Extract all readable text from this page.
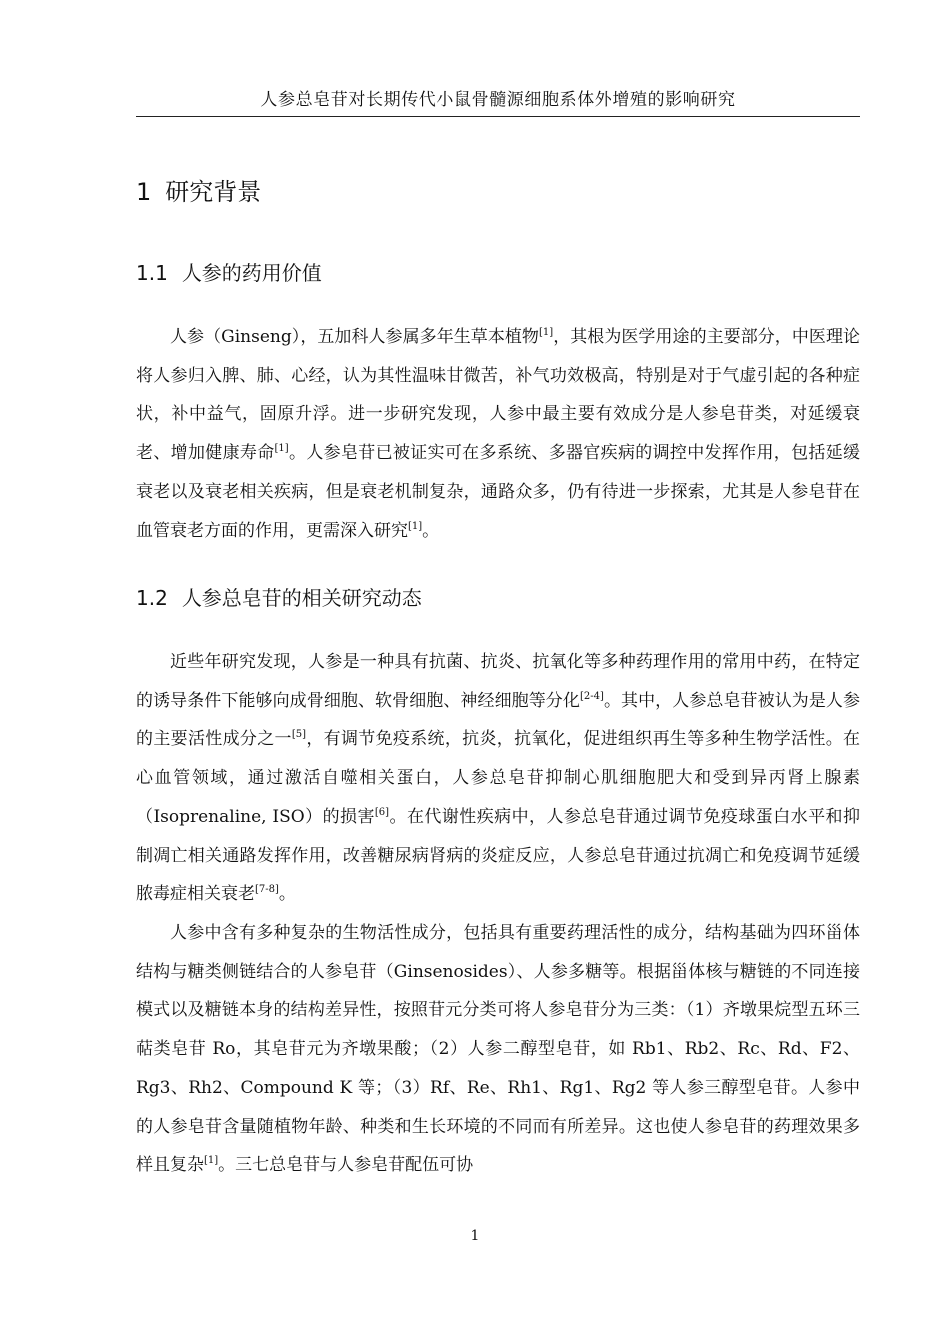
人参总皂苷对长期传代小鼠骨髓源细胞系体外增殖的影响研究
1 研究背景
1.1 人参的药用价值
人参（Ginseng），五加科人参属多年生草本植物[1]，其根为医学用途的主要部分，中医理论将人参归入脾、肺、心经，认为其性温味甘微苦，补气功效极高，特别是对于气虚引起的各种症状，补中益气，固原升浮。进一步研究发现，人参中最主要有效成分是人参皂苷类，对延缓衰老、增加健康寿命[1]。人参皂苷已被证实可在多系统、多器官疾病的调控中发挥作用，包括延缓衰老以及衰老相关疾病，但是衰老机制复杂，通路众多，仍有待进一步探索，尤其是人参皂苷在血管衰老方面的作用，更需深入研究[1]。
1.2 人参总皂苷的相关研究动态
近些年研究发现，人参是一种具有抗菌、抗炎、抗氧化等多种药理作用的常用中药，在特定的诱导条件下能够向成骨细胞、软骨细胞、神经细胞等分化[2-4]。其中，人参总皂苷被认为是人参的主要活性成分之一[5]，有调节免疫系统，抗炎，抗氧化，促进组织再生等多种生物学活性。在心血管领域，通过激活自噬相关蛋白，人参总皂苷抑制心肌细胞肥大和受到异丙肾上腺素（Isoprenaline, ISO）的损害[6]。在代谢性疾病中，人参总皂苷通过调节免疫球蛋白水平和抑制凋亡相关通路发挥作用，改善糖尿病肾病的炎症反应，人参总皂苷通过抗凋亡和免疫调节延缓脓毒症相关衰老[7-8]。
人参中含有多种复杂的生物活性成分，包括具有重要药理活性的成分，结构基础为四环甾体结构与糖类侧链结合的人参皂苷（Ginsenosides）、人参多糖等。根据甾体核与糖链的不同连接模式以及糖链本身的结构差异性，按照苷元分类可将人参皂苷分为三类：（1）齐墩果烷型五环三萜类皂苷 Ro，其皂苷元为齐墩果酸；（2）人参二醇型皂苷，如 Rb1、Rb2、Rc、Rd、F2、Rg3、Rh2、Compound K 等；（3）Rf、Re、Rh1、Rg1、Rg2 等人参三醇型皂苷。人参中的人参皂苷含量随植物年龄、种类和生长环境的不同而有所差异。这也使人参皂苷的药理效果多样且复杂[1]。三七总皂苷与人参皂苷配伍可协
1
